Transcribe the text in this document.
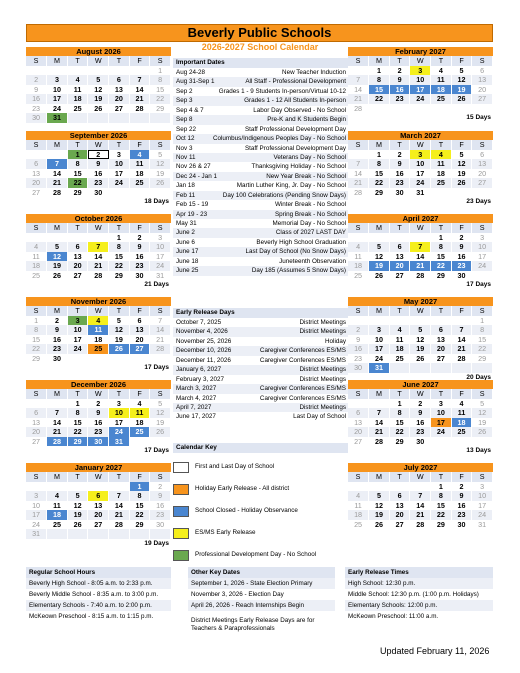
Beverly Public Schools
2026-2027 School Calendar
August 2026
S	M	T	W	T	F	S
						1
2	3	4	5	6	7	8
9	10	11	12	13	14	15
16	17	18	19	20	21	22
23	24	25	26	27	28	29
30	31					
September 2026
S	M	T	W	T	F	S
		1	2	3	4	5
6	7	8	9	10	11	12
13	14	15	16	17	18	19
20	21	22	23	24	25	26
27	28	29	30			
18 Days
October 2026
S	M	T	W	T	F	S
				1	2	3
4	5	6	7	8	9	10
11	12	13	14	15	16	17
18	19	20	21	22	23	24
25	26	27	28	29	30	31
21 Days
November 2026
S	M	T	W	T	F	S
1	2	3	4	5	6	7
8	9	10	11	12	13	14
15	16	17	18	19	20	21
22	23	24	25	26	27	28
29	30					
17 Days
December 2026
S	M	T	W	T	F	S
		1	2	3	4	5
6	7	8	9	10	11	12
13	14	15	16	17	18	19
20	21	22	23	24	25	26
27	28	29	30	31		
17 Days
January 2027
S	M	T	W	T	F	S
					1	2
3	4	5	6	7	8	9
10	11	12	13	14	15	16
17	18	19	20	21	22	23
24	25	26	27	28	29	30
31						
19 Days
February 2027
S	M	T	W	T	F	S
	1	2	3	4	5	6
7	8	9	10	11	12	13
14	15	16	17	18	19	20
21	22	23	24	25	26	27
28						
15 Days
March 2027
S	M	T	W	T	F	S
	1	2	3	4	5	6
7	8	9	10	11	12	13
14	15	16	17	18	19	20
21	22	23	24	25	26	27
28	29	30	31			
23 Days
April 2027
S	M	T	W	T	F	S
				1	2	3
4	5	6	7	8	9	10
11	12	13	14	15	16	17
18	19	20	21	22	23	24
25	26	27	28	29	30	
17 Days
May 2027
S	M	T	W	T	F	S
						1
2	3	4	5	6	7	8
9	10	11	12	13	14	15
16	17	18	19	20	21	22
23	24	25	26	27	28	29
30	31					
20 Days
June 2027
S	M	T	W	T	F	S
		1	2	3	4	5
6	7	8	9	10	11	12
13	14	15	16	17	18	19
20	21	22	23	24	25	26
27	28	29	30			
13 Days
July 2027
S	M	T	W	T	F	S
				1	2	3
4	5	6	7	8	9	10
11	12	13	14	15	16	17
18	19	20	21	22	23	24
25	26	27	28	29	30	31
Important Dates
Aug 24-28	New Teacher Induction
Aug 31-Sep 1	All Staff - Professional Development
Sep 2	Grades 1 - 9 Students In-person/Virtual 10-12
Sep 3	Grades 1 - 12 All Students In-person
Sep 4 & 7	Labor Day Observed - No School
Sep 8	Pre-K and K Students Begin
Sep 22	Staff Professional Development Day
Oct 12	Columbus/Indigenous Peoples Day - No School
Nov 3	Staff Professional Development Day
Nov 11	Veterans Day - No School
Nov 26 & 27	Thanksgiving Holiday - No School
Dec 24 - Jan 1	New Year Break - No School
Jan 18	Martin Luther King, Jr. Day - No School
Feb 11	Day 100 Celebrations (Pending Snow Days)
Feb 15 - 19	Winter Break - No School
Apr 19 - 23	Spring Break - No School
May 31	Memorial Day - No School
June 2	Class of 2027 LAST DAY
June 6	Beverly High School Graduation
June 17	Last Day of School (No Snow Days)
June 18	Juneteenth Observation
June 25	Day 185 (Assumes 5 Snow Days)
Early Release Days
October 7, 2025	District Meetings
November 4, 2026	District Meetings
November 25, 2026	Holiday
December 10, 2026	Caregiver Conferences ES/MS
December 11, 2026	Caregiver Conferences ES/MS
January 6, 2027	District Meetings
February 3, 2027	District Meetings
March 3, 2027	Caregiver Conferences ES/MS
March 4, 2027	Caregiver Conferences ES/MS
April 7, 2027	District Meetings
June 17, 2027	Last Day of School
Calendar Key
First and Last Day of School
Holiday Early Release - All district
School Closed - Holiday Observance
ES/MS Early Release
Professional Development Day - No School
Regular School Hours
Beverly High School - 8:05 a.m. to 2:33 p.m.
Beverly Middle School - 8:35 a.m. to 3:00 p.m.
Elementary Schools - 7:40 a.m. to 2:00 p.m.
McKeown Preschool - 8:15 a.m. to 1:15 p.m.
Other Key Dates
September 1, 2026 - State Election Primary
November 3, 2026 - Election Day
April 26, 2026 - Reach Internships Begin
District Meetings Early Release Days are for Teachers & Paraprofessionals
Early Release Times
High School: 12:30 p.m.
Middle School: 12:30 p.m. (1:00 p.m. Holidays)
Elementary Schools: 12:00 p.m.
McKeown Preschool: 11:00 a.m.
Updated February 11, 2026
